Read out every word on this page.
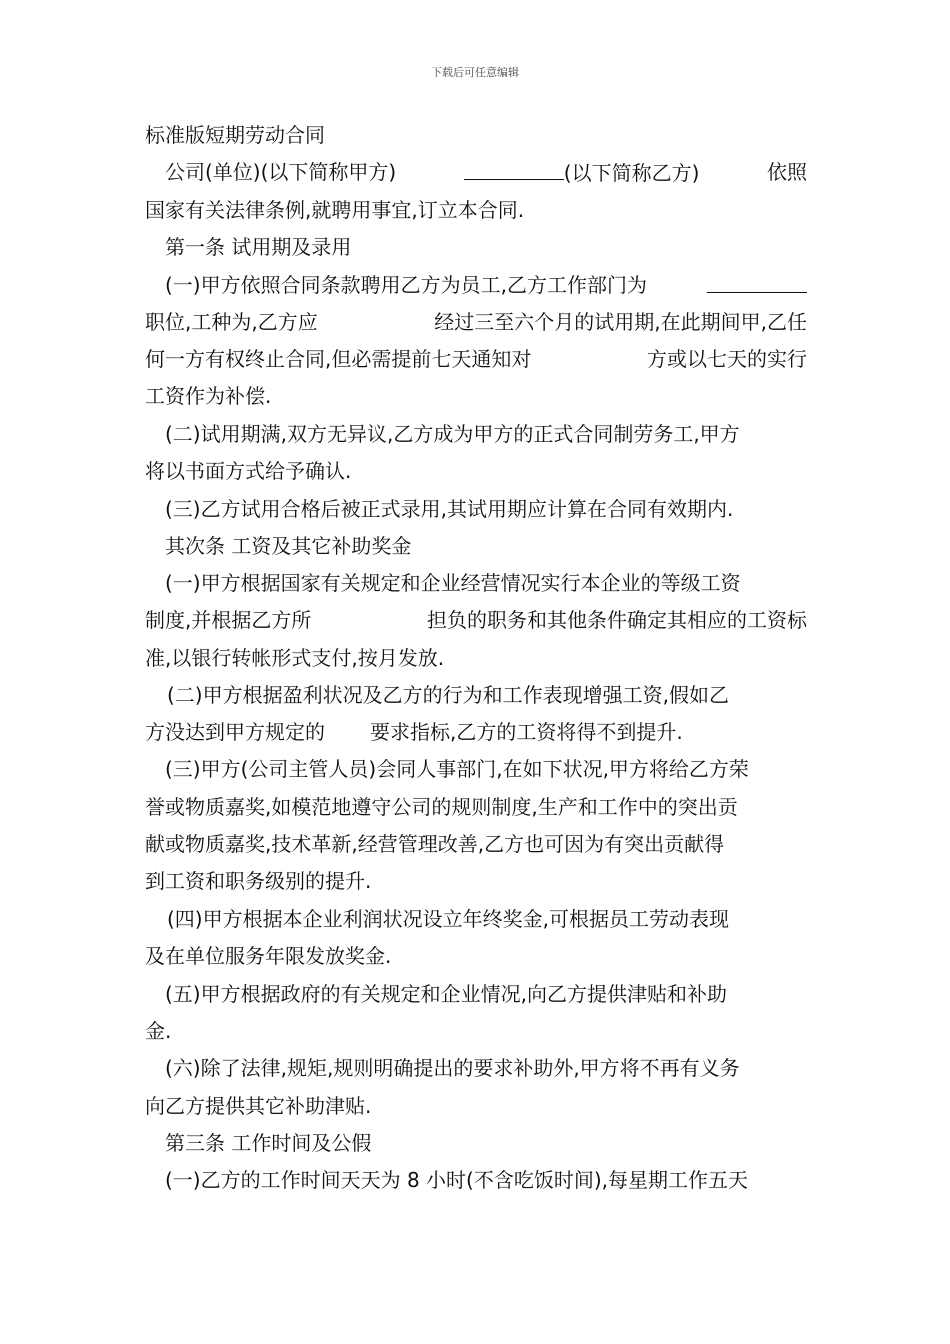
下载后可任意编辑
标准版短期劳动合同
公司(单位)(以下简称甲方)	(以下简称乙方)	依照
国家有关法律条例,就聘用事宜,订立本合同.
第一条 试用期及录用
(一)甲方依照合同条款聘用乙方为员工,乙方工作部门为
职位,工种为,乙方应	经过三至六个月的试用期,在此期间甲,乙任
何一方有权终止合同,但必需提前七天通知对	方或以七天的实行
工资作为补偿.
(二)试用期满,双方无异议,乙方成为甲方的正式合同制劳务工,甲方
将以书面方式给予确认.
(三)乙方试用合格后被正式录用,其试用期应计算在合同有效期内.
其次条 工资及其它补助奖金
(一)甲方根据国家有关规定和企业经营情况实行本企业的等级工资
制度,并根据乙方所	担负的职务和其他条件确定其相应的工资标
准,以银行转帐形式支付,按月发放.
(二)甲方根据盈利状况及乙方的行为和工作表现增强工资,假如乙
方没达到甲方规定的 要求指标,乙方的工资将得不到提升.
(三)甲方(公司主管人员)会同人事部门,在如下状况,甲方将给乙方荣
誉或物质嘉奖,如模范地遵守公司的规则制度,生产和工作中的突出贡
献或物质嘉奖,技术革新,经营管理改善,乙方也可因为有突出贡献得
到工资和职务级别的提升.
(四)甲方根据本企业利润状况设立年终奖金,可根据员工劳动表现
及在单位服务年限发放奖金.
(五)甲方根据政府的有关规定和企业情况,向乙方提供津贴和补助
金.
(六)除了法律,规矩,规则明确提出的要求补助外,甲方将不再有义务
向乙方提供其它补助津贴.
第三条 工作时间及公假
(一)乙方的工作时间天天为 8 小时(不含吃饭时间),每星期工作五天
